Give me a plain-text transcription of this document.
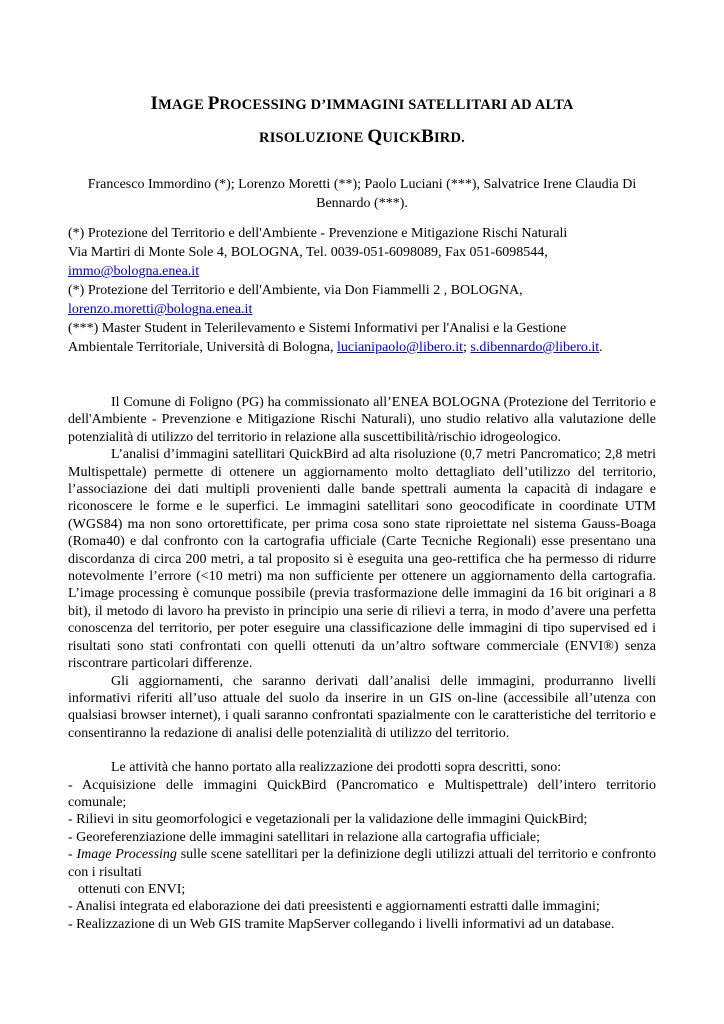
IMAGE PROCESSING D’IMMAGINI SATELLITARI AD ALTA
RISOLUZIONE QUICKBIRD.
Francesco Immordino (*); Lorenzo Moretti (**); Paolo Luciani (***), Salvatrice Irene Claudia Di Bennardo (***).

(*) Protezione del Territorio e dell'Ambiente - Prevenzione e Mitigazione Rischi Naturali

Via Martiri di Monte Sole 4, BOLOGNA, Tel. 0039-051-6098089, Fax 051-6098544,

immo@bologna.enea.it

(*) Protezione del Territorio e dell'Ambiente, via Don Fiammelli 2 , BOLOGNA,

lorenzo.moretti@bologna.enea.it

(***) Master Student in Telerilevamento e Sistemi Informativi per l'Analisi e la Gestione

Ambientale Territoriale, Università di Bologna, lucianipaolo@libero.it; s.dibennardo@libero.it.

Il Comune di Foligno (PG) ha commissionato all’ENEA BOLOGNA (Protezione del Territorio e dell'Ambiente - Prevenzione e Mitigazione Rischi Naturali), uno studio relativo alla valutazione delle potenzialità di utilizzo del territorio in relazione alla suscettibilità/rischio idrogeologico.

L’analisi d’immagini satellitari QuickBird ad alta risoluzione (0,7 metri Pancromatico; 2,8 metri Multispettale) permette di ottenere un aggiornamento molto dettagliato dell’utilizzo del territorio, l’associazione dei dati multipli provenienti dalle bande spettrali aumenta la capacità di indagare e riconoscere le forme e le superfici. Le immagini satellitari sono geocodificate in coordinate UTM (WGS84) ma non sono ortorettificate, per prima cosa sono state riproiettate nel sistema Gauss-Boaga (Roma40) e dal confronto con la cartografia ufficiale (Carte Tecniche Regionali) esse presentano una discordanza di circa 200 metri, a tal proposito si è eseguita una geo-rettifica che ha permesso di ridurre notevolmente l’errore (<10 metri) ma non sufficiente per ottenere un aggiornamento della cartografia. L’image processing è comunque possibile (previa trasformazione delle immagini da 16 bit originari a 8 bit), il metodo di lavoro ha previsto in principio una serie di rilievi a terra, in modo d’avere una perfetta conoscenza del territorio, per poter eseguire una classificazione delle immagini di tipo supervised ed i risultati sono stati confrontati con quelli ottenuti da un’altro software commerciale (ENVI®) senza riscontrare particolari differenze.

Gli aggiornamenti, che saranno derivati dall’analisi delle immagini, produrranno livelli informativi riferiti all’uso attuale del suolo da inserire in un GIS on-line (accessibile all’utenza con qualsiasi browser internet), i quali saranno confrontati spazialmente con le caratteristiche del territorio e consentiranno la redazione di analisi delle potenzialità di utilizzo del territorio.

Le attività che hanno portato alla realizzazione dei prodotti sopra descritti, sono:

- Acquisizione delle immagini QuickBird (Pancromatico e Multispettrale) dell’intero territorio comunale;

- Rilievi in situ geomorfologici e vegetazionali per la validazione delle immagini QuickBird;

- Georeferenziazione delle immagini satellitari in relazione alla cartografia ufficiale;

- Image Processing sulle scene satellitari per la definizione degli utilizzi attuali del territorio e confronto con i risultati

ottenuti con ENVI;

- Analisi integrata ed elaborazione dei dati preesistenti e aggiornamenti estratti dalle immagini;

- Realizzazione di un Web GIS tramite MapServer collegando i livelli informativi ad un database.
